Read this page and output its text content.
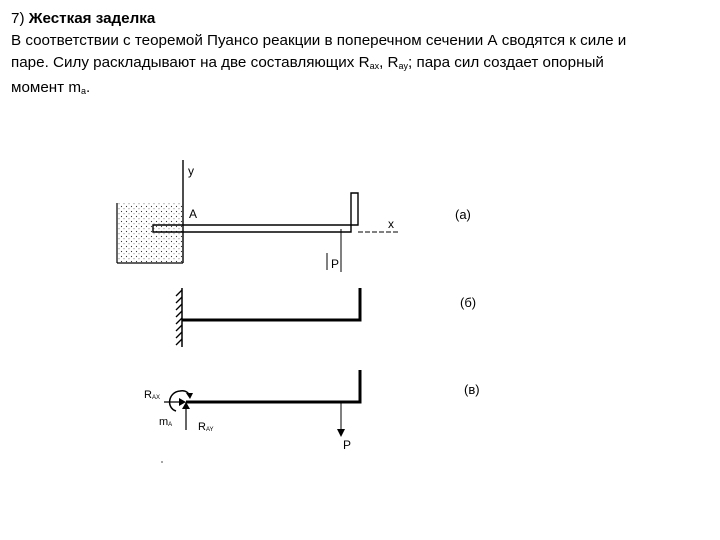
7) Жесткая заделка
В соответствии с теоремой Пуансо реакции в поперечном сечении А сводятся к силе и
паре. Силу раскладывают на две составляющих $R_{ax}$, $R_{ay}$; пара сил создает опорный
момент $m_a$.
y
A
x
P
(а)
(б)
RAX
mA RAY
P
(в)
